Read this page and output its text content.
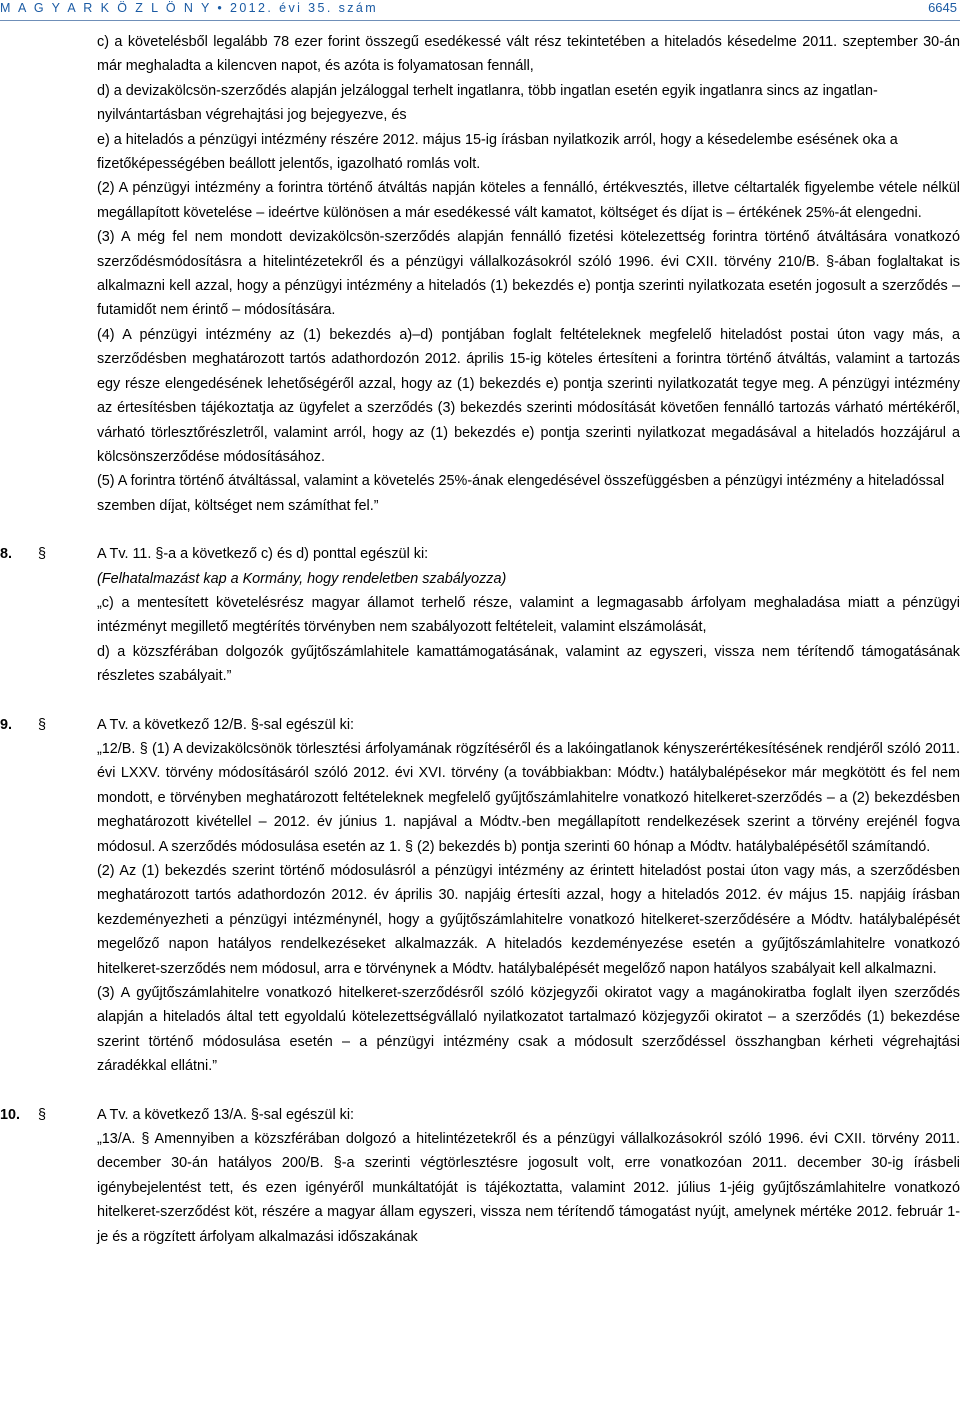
M A G Y A R K Ö Z L Ö N Y • 2012. évi 35. szám	6645

c) a követelésből legalább 78 ezer forint összegű esedékessé vált rész tekintetében a hiteladós késedelme 2011. szeptember 30-án már meghaladta a kilencven napot, és azóta is folyamatosan fennáll,

d) a devizakölcsön-szerződés alapján jelzáloggal terhelt ingatlanra, több ingatlan esetén egyik ingatlanra sincs az ingatlan-nyilvántartásban végrehajtási jog bejegyezve, és

e) a hiteladós a pénzügyi intézmény részére 2012. május 15-ig írásban nyilatkozik arról, hogy a késedelembe esésének oka a fizetőképességében beállott jelentős, igazolható romlás volt.

(2) A pénzügyi intézmény a forintra történő átváltás napján köteles a fennálló, értékvesztés, illetve céltartalék figyelembe vétele nélkül megállapított követelése – ideértve különösen a már esedékessé vált kamatot, költséget és díjat is – értékének 25%-át elengedni.

(3) A még fel nem mondott devizakölcsön-szerződés alapján fennálló fizetési kötelezettség forintra történő átváltására vonatkozó szerződésmódosításra a hitelintézetekről és a pénzügyi vállalkozásokról szóló 1996. évi CXII. törvény 210/B. §-ában foglaltakat is alkalmazni kell azzal, hogy a pénzügyi intézmény a hiteladós (1) bekezdés e) pontja szerinti nyilatkozata esetén jogosult a szerződés – futamidőt nem érintő – módosítására.

(4) A pénzügyi intézmény az (1) bekezdés a)–d) pontjában foglalt feltételeknek megfelelő hiteladóst postai úton vagy más, a szerződésben meghatározott tartós adathordozón 2012. április 15-ig köteles értesíteni a forintra történő átváltás, valamint a tartozás egy része elengedésének lehetőségéről azzal, hogy az (1) bekezdés e) pontja szerinti nyilatkozatát tegye meg. A pénzügyi intézmény az értesítésben tájékoztatja az ügyfelet a szerződés (3) bekezdés szerinti módosítását követően fennálló tartozás várható mértékéről, várható törlesztőrészletről, valamint arról, hogy az (1) bekezdés e) pontja szerinti nyilatkozat megadásával a hiteladós hozzájárul a kölcsönszerződése módosításához.

(5) A forintra történő átváltással, valamint a követelés 25%-ának elengedésével összefüggésben a pénzügyi intézmény a hiteladóssal szemben díjat, költséget nem számíthat fel.”

8.	§	A Tv. 11. §-a a következő c) és d) ponttal egészül ki:

(Felhatalmazást kap a Kormány, hogy rendeletben szabályozza)

„c) a mentesített követelésrész magyar államot terhelő része, valamint a legmagasabb árfolyam meghaladása miatt a pénzügyi intézményt megillető megtérítés törvényben nem szabályozott feltételeit, valamint elszámolását,

d) a közszférában dolgozók gyűjtőszámlahitele kamattámogatásának, valamint az egyszeri, vissza nem térítendő támogatásának részletes szabályait.”

9.	§	A Tv. a következő 12/B. §-sal egészül ki:

„12/B. § (1) A devizakölcsönök törlesztési árfolyamának rögzítéséről és a lakóingatlanok kényszerértékesítésének rendjéről szóló 2011. évi LXXV. törvény módosításáról szóló 2012. évi XVI. törvény (a továbbiakban: Módtv.) hatálybalépésekor már megkötött és fel nem mondott, e törvényben meghatározott feltételeknek megfelelő gyűjtőszámlahitelre vonatkozó hitelkeret-szerződés – a (2) bekezdésben meghatározott kivétellel – 2012. év június 1. napjával a Módtv.-ben megállapított rendelkezések szerint a törvény erejénél fogva módosul. A szerződés módosulása esetén az 1. § (2) bekezdés b) pontja szerinti 60 hónap a Módtv. hatálybalépésétől számítandó.

(2) Az (1) bekezdés szerint történő módosulásról a pénzügyi intézmény az érintett hiteladóst postai úton vagy más, a szerződésben meghatározott tartós adathordozón 2012. év április 30. napjáig értesíti azzal, hogy a hiteladós 2012. év május 15. napjáig írásban kezdeményezheti a pénzügyi intézménynél, hogy a gyűjtőszámlahitelre vonatkozó hitelkeret-szerződésére a Módtv. hatálybalépését megelőző napon hatályos rendelkezéseket alkalmazzák. A hiteladós kezdeményezése esetén a gyűjtőszámlahitelre vonatkozó hitelkeret-szerződés nem módosul, arra e törvénynek a Módtv. hatálybalépését megelőző napon hatályos szabályait kell alkalmazni.

(3) A gyűjtőszámlahitelre vonatkozó hitelkeret-szerződésről szóló közjegyzői okiratot vagy a magánokiratba foglalt ilyen szerződés alapján a hiteladós által tett egyoldalú kötelezettségvállaló nyilatkozatot tartalmazó közjegyzői okiratot – a szerződés (1) bekezdése szerint történő módosulása esetén – a pénzügyi intézmény csak a módosult szerződéssel összhangban kérheti végrehajtási záradékkal ellátni.”

10.	§	A Tv. a következő 13/A. §-sal egészül ki:

„13/A. § Amennyiben a közszférában dolgozó a hitelintézetekről és a pénzügyi vállalkozásokról szóló 1996. évi CXII. törvény 2011. december 30-án hatályos 200/B. §-a szerinti végtörlesztésre jogosult volt, erre vonatkozóan 2011. december 30-ig írásbeli igénybejelentést tett, és ezen igényéről munkáltatóját is tájékoztatta, valamint 2012. július 1-jéig gyűjtőszámlahitelre vonatkozó hitelkeret-szerződést köt, részére a magyar állam egyszeri, vissza nem térítendő támogatást nyújt, amelynek mértéke 2012. február 1-je és a rögzített árfolyam alkalmazási időszakának
